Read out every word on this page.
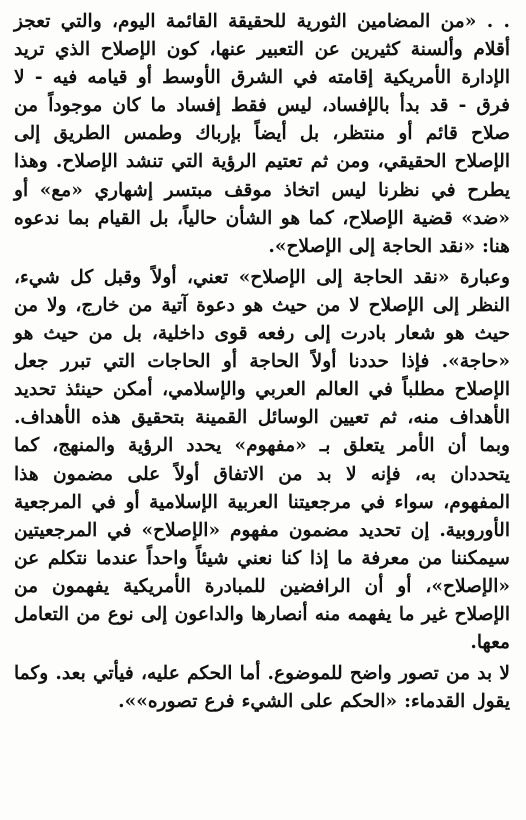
. . «من المضامين الثورية للحقيقة القائمة اليوم، والتي تعجز أقلام وألسنة كثيرين عن التعبير عنها، كون الإصلاح الذي تريد الإدارة الأمريكية إقامته في الشرق الأوسط أو قيامه فيه - لا فرق - قد بدأ بالإفساد، ليس فقط إفساد ما كان موجوداً من صلاح قائم أو منتظر، بل أيضاً بإرباك وطمس الطريق إلى الإصلاح الحقيقي، ومن ثم تعتيم الرؤية التي تنشد الإصلاح. وهذا يطرح في نظرنا ليس اتخاذ موقف مبتسر إشهاري «مع» أو «ضد» قضية الإصلاح، كما هو الشأن حالياً، بل القيام بما ندعوه هنا: «نقد الحاجة إلى الإصلاح».

وعبارة «نقد الحاجة إلى الإصلاح» تعني، أولاً وقبل كل شيء، النظر إلى الإصلاح لا من حيث هو دعوة آتية من خارج، ولا من حيث هو شعار بادرت إلى رفعه قوى داخلية، بل من حيث هو «حاجة». فإذا حددنا أولاً الحاجة أو الحاجات التي تبرر جعل الإصلاح مطلباً في العالم العربي والإسلامي، أمكن حينئذ تحديد الأهداف منه، ثم تعيين الوسائل القمينة بتحقيق هذه الأهداف. وبما أن الأمر يتعلق بـ «مفهوم» يحدد الرؤية والمنهج، كما يتحددان به، فإنه لا بد من الاتفاق أولاً على مضمون هذا المفهوم، سواء في مرجعيتنا العربية الإسلامية أو في المرجعية الأوروبية. إن تحديد مضمون مفهوم «الإصلاح» في المرجعيتين سيمكننا من معرفة ما إذا كنا نعني شيئاً واحداً عندما نتكلم عن «الإصلاح»، أو أن الرافضين للمبادرة الأمريكية يفهمون من الإصلاح غير ما يفهمه منه أنصارها والداعون إلى نوع من التعامل معها.

لا بد من تصور واضح للموضوع. أما الحكم عليه، فيأتي بعد. وكما يقول القدماء: «الحكم على الشيء فرع تصوره»».
